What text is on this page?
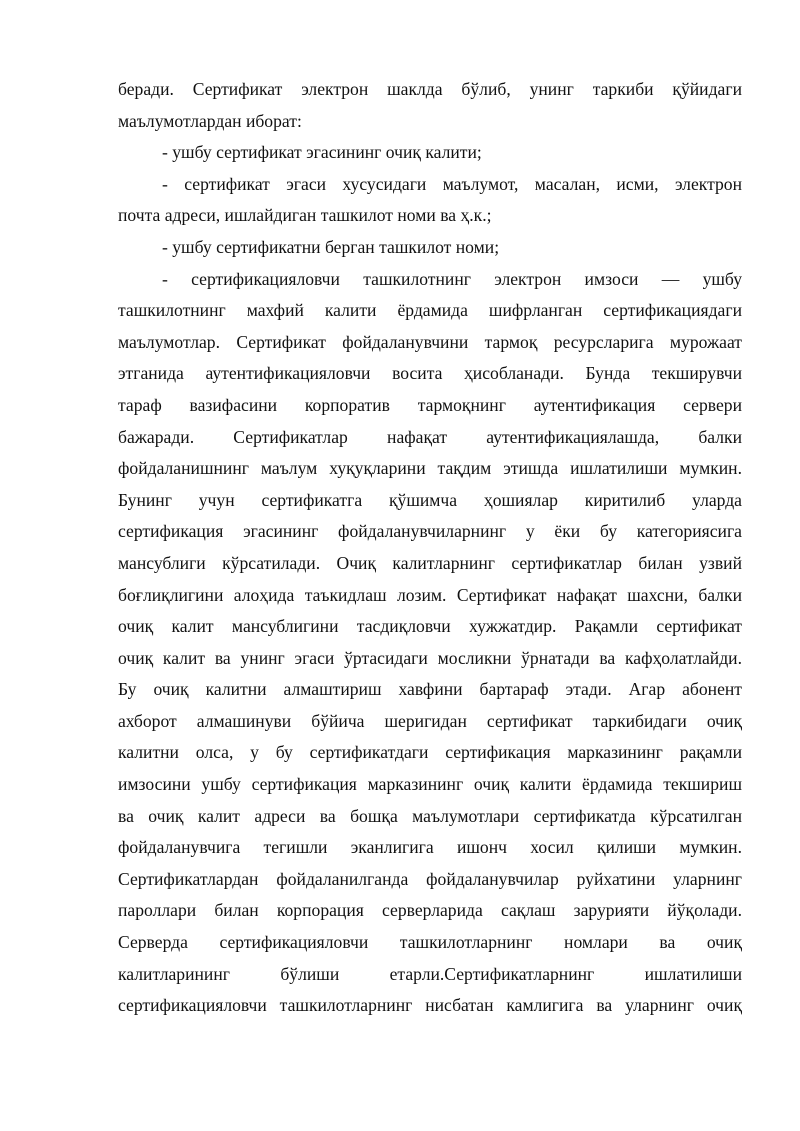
беради. Сертификат электрон шаклда бўлиб, унинг таркиби қўйидаги
маълумотлардан иборат:
- ушбу сертификат эгасининг очиқ калити;
- сертификат эгаси хусусидаги маълумот, масалан, исми, электрон
почта адреси, ишлайдиган ташкилот номи ва ҳ.к.;
- ушбу сертификатни берган ташкилот номи;
- сертификацияловчи ташкилотнинг электрон имзоси — ушбу
ташкилотнинг махфий калити ёрдамида шифрланган сертификациядаги
маълумотлар. Сертификат фойдаланувчини тармоқ ресурсларига мурожаат
этганида аутентификацияловчи восита ҳисобланади. Бунда текширувчи
тараф вазифасини корпоратив тармоқнинг аутентификация сервери
бажаради. Сертификатлар нафақат аутентификациялашда, балки
фойдаланишнинг маълум хуқуқларини тақдим этишда ишлатилиши мумкин.
Бунинг учун сертификатга қўшимча ҳошиялар киритилиб уларда
сертификация эгасининг фойдаланувчиларнинг у ёки бу категориясига
мансублиги кўрсатилади. Очиқ калитларнинг сертификатлар билан узвий
боғлиқлигини алоҳида таъкидлаш лозим. Сертификат нафақат шахсни, балки
очиқ калит мансублигини тасдиқловчи хужжатдир. Рақамли сертификат
очиқ калит ва унинг эгаси ўртасидаги мосликни ўрнатади ва кафҳолатлайди.
Бу очиқ калитни алмаштириш хавфини бартараф этади. Агар абонент
ахборот алмашинуви бўйича шеригидан сертификат таркибидаги очиқ
калитни олса, у бу сертификатдаги сертификация марказининг рақамли
имзосини ушбу сертификация марказининг очиқ калити ёрдамида текшириш
ва очиқ калит адреси ва бошқа маълумотлари сертификатда кўрсатилган
фойдаланувчига тегишли эканлигига ишонч хосил қилиши мумкин.
Сертификатлардан фойдаланилганда фойдаланувчилар руйхатини уларнинг
пароллари билан корпорация серверларида сақлаш зарурияти йўқолади.
Серверда сертификацияловчи ташкилотларнинг номлари ва очиқ
калитларининг бўлиши етарли.Сертификатларнинг ишлатилиши
сертификацияловчи ташкилотларнинг нисбатан камлигига ва уларнинг очиқ
